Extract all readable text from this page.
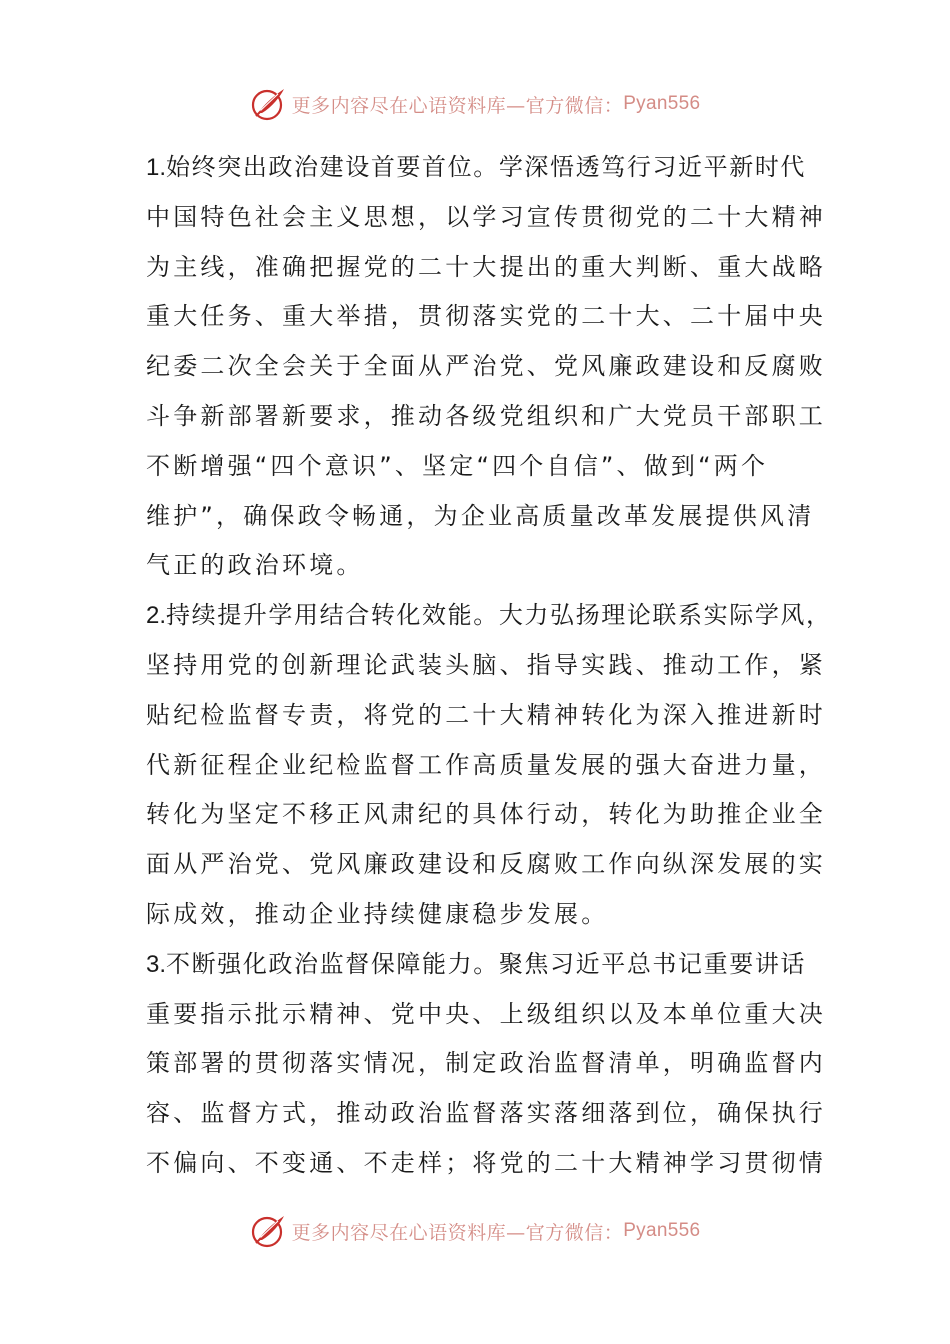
更多内容尽在心语资料库— 官方微信： Pyan556
1.始终突出政治建设首要首位。学深悟透笃行习近平新时代
中国特色社会主义思想，以学习宣传贯彻党的二十大精神
为主线，准确把握党的二十大提出的重大判断、重大战略
重大任务、重大举措，贯彻落实党的二十大、二十届中央
纪委二次全会关于全面从严治党、党风廉政建设和反腐败
斗争新部署新要求，推动各级党组织和广大党员干部职工
不断增强“四个意识”、坚定“四个自信”、做到“两个
维护”，确保政令畅通，为企业高质量改革发展提供风清
气正的政治环境。
2.持续提升学用结合转化效能。大力弘扬理论联系实际学风，
坚持用党的创新理论武装头脑、指导实践、推动工作，紧
贴纪检监督专责，将党的二十大精神转化为深入推进新时
代新征程企业纪检监督工作高质量发展的强大奋进力量，
转化为坚定不移正风肃纪的具体行动，转化为助推企业全
面从严治党、党风廉政建设和反腐败工作向纵深发展的实
际成效，推动企业持续健康稳步发展。
3.不断强化政治监督保障能力。聚焦习近平总书记重要讲话
重要指示批示精神、党中央、上级组织以及本单位重大决
策部署的贯彻落实情况，制定政治监督清单，明确监督内
容、监督方式，推动政治监督落实落细落到位，确保执行
不偏向、不变通、不走样；将党的二十大精神学习贯彻情
更多内容尽在心语资料库— 官方微信： Pyan556
